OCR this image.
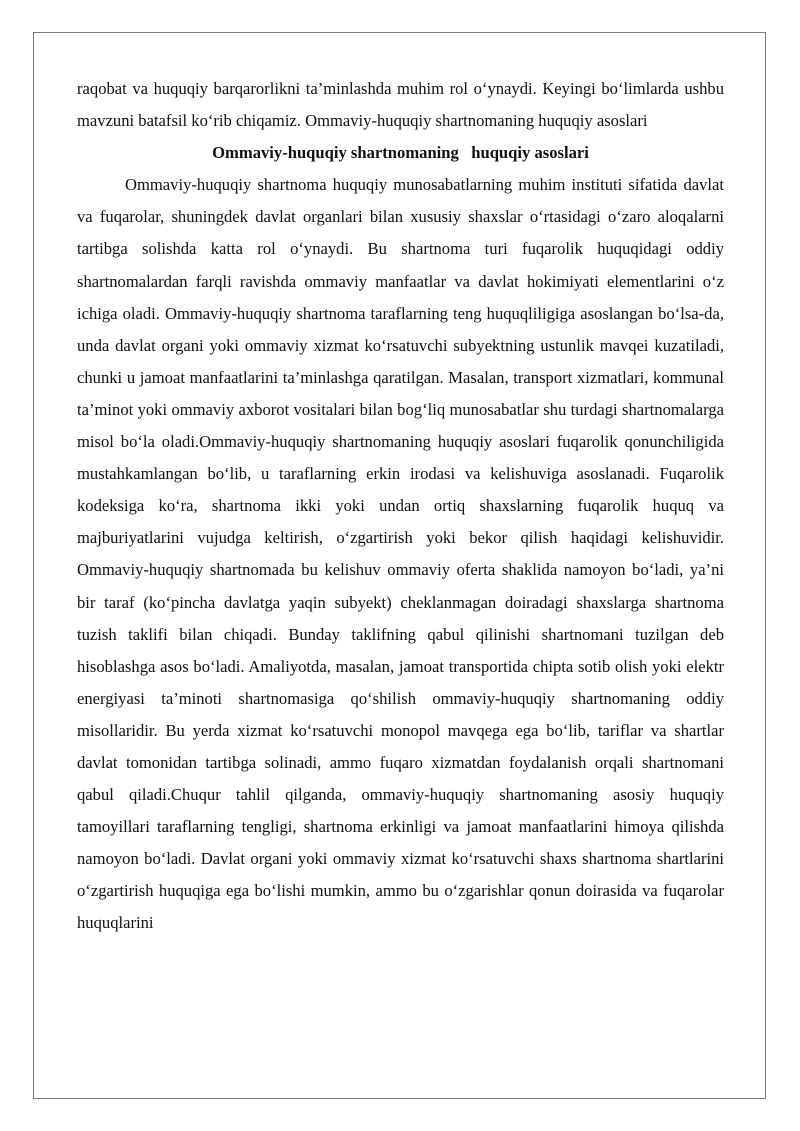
raqobat va huquqiy barqarorlikni ta’minlashda muhim rol o‘ynaydi. Keyingi bo‘limlarda ushbu mavzuni batafsil ko‘rib chiqamiz. Ommaviy-huquqiy shartnomaning huquqiy asoslari

Ommaviy-huquqiy shartnomaning   huquqiy asoslari

Ommaviy-huquqiy shartnoma huquqiy munosabatlarning muhim instituti sifatida davlat va fuqarolar, shuningdek davlat organlari bilan xususiy shaxslar o‘rtasidagi o‘zaro aloqalarni tartibga solishda katta rol o‘ynaydi. Bu shartnoma turi fuqarolik huquqidagi oddiy shartnomalardan farqli ravishda ommaviy manfaatlar va davlat hokimiyati elementlarini o‘z ichiga oladi. Ommaviy-huquqiy shartnoma taraflarning teng huquqliligiga asoslangan bo‘lsa-da, unda davlat organi yoki ommaviy xizmat ko‘rsatuvchi subyektning ustunlik mavqei kuzatiladi, chunki u jamoat manfaatlarini ta’minlashga qaratilgan. Masalan, transport xizmatlari, kommunal ta’minot yoki ommaviy axborot vositalari bilan bog‘liq munosabatlar shu turdagi shartnomalarga misol bo‘la oladi.Ommaviy-huquqiy shartnomaning huquqiy asoslari fuqarolik qonunchiligida mustahkamlangan bo‘lib, u taraflarning erkin irodasi va kelishuviga asoslanadi. Fuqarolik kodeksiga ko‘ra, shartnoma ikki yoki undan ortiq shaxslarning fuqarolik huquq va majburiyatlarini vujudga keltirish, o‘zgartirish yoki bekor qilish haqidagi kelishuvidir. Ommaviy-huquqiy shartnomada bu kelishuv ommaviy oferta shaklida namoyon bo‘ladi, ya’ni bir taraf (ko‘pincha davlatga yaqin subyekt) cheklanmagan doiradagi shaxslarga shartnoma tuzish taklifi bilan chiqadi. Bunday taklifning qabul qilinishi shartnomani tuzilgan deb hisoblashga asos bo‘ladi. Amaliyotda, masalan, jamoat transportida chipta sotib olish yoki elektr energiyasi ta’minoti shartnomasiga qo‘shilish ommaviy-huquqiy shartnomaning oddiy misollaridir. Bu yerda xizmat ko‘rsatuvchi monopol mavqega ega bo‘lib, tariflar va shartlar davlat tomonidan tartibga solinadi, ammo fuqaro xizmatdan foydalanish orqali shartnomani qabul qiladi.Chuqur tahlil qilganda, ommaviy-huquqiy shartnomaning asosiy huquqiy tamoyillari taraflarning tengligi, shartnoma erkinligi va jamoat manfaatlarini himoya qilishda namoyon bo‘ladi. Davlat organi yoki ommaviy xizmat ko‘rsatuvchi shaxs shartnoma shartlarini o‘zgartirish huquqiga ega bo‘lishi mumkin, ammo bu o‘zgarishlar qonun doirasida va fuqarolar huquqlarini
